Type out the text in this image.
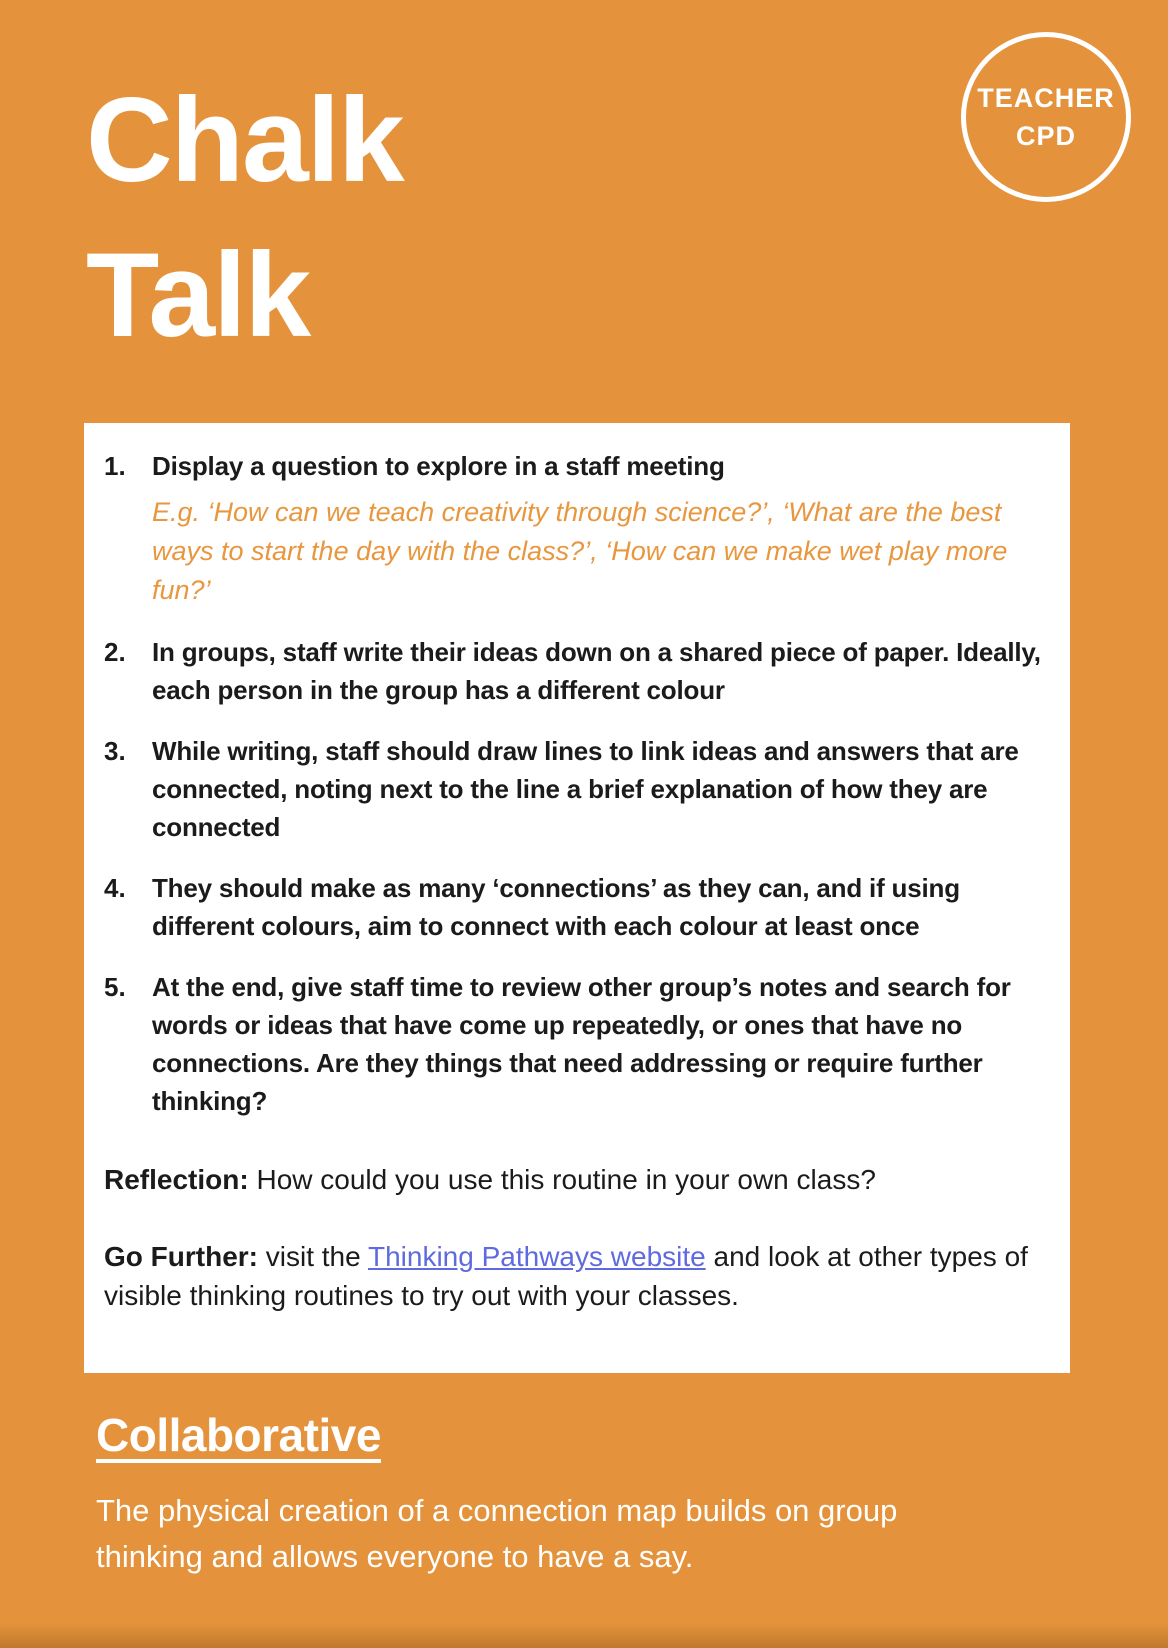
Chalk
Talk
TEACHER
CPD
1.	Display a question to explore in a staff meeting
E.g. ‘How can we teach creativity through science?’, ‘What are the best ways to start the day with the class?’, ‘How can we make wet play more fun?’
2.	In groups, staff write their ideas down on a shared piece of paper. Ideally, each person in the group has a different colour
3.	While writing, staff should draw lines to link ideas and answers that are connected, noting next to the line a brief explanation of how they are connected
4.	They should make as many ‘connections’ as they can, and if using different colours, aim to connect with each colour at least once
5.	At the end, give staff time to review other group’s notes and search for words or ideas that have come up repeatedly, or ones that have no connections. Are they things that need addressing or require further thinking?

Reflection: How could you use this routine in your own class?

Go Further: visit the Thinking Pathways website and look at other types of visible thinking routines to try out with your classes.

Collaborative
The physical creation of a connection map builds on group thinking and allows everyone to have a say.
